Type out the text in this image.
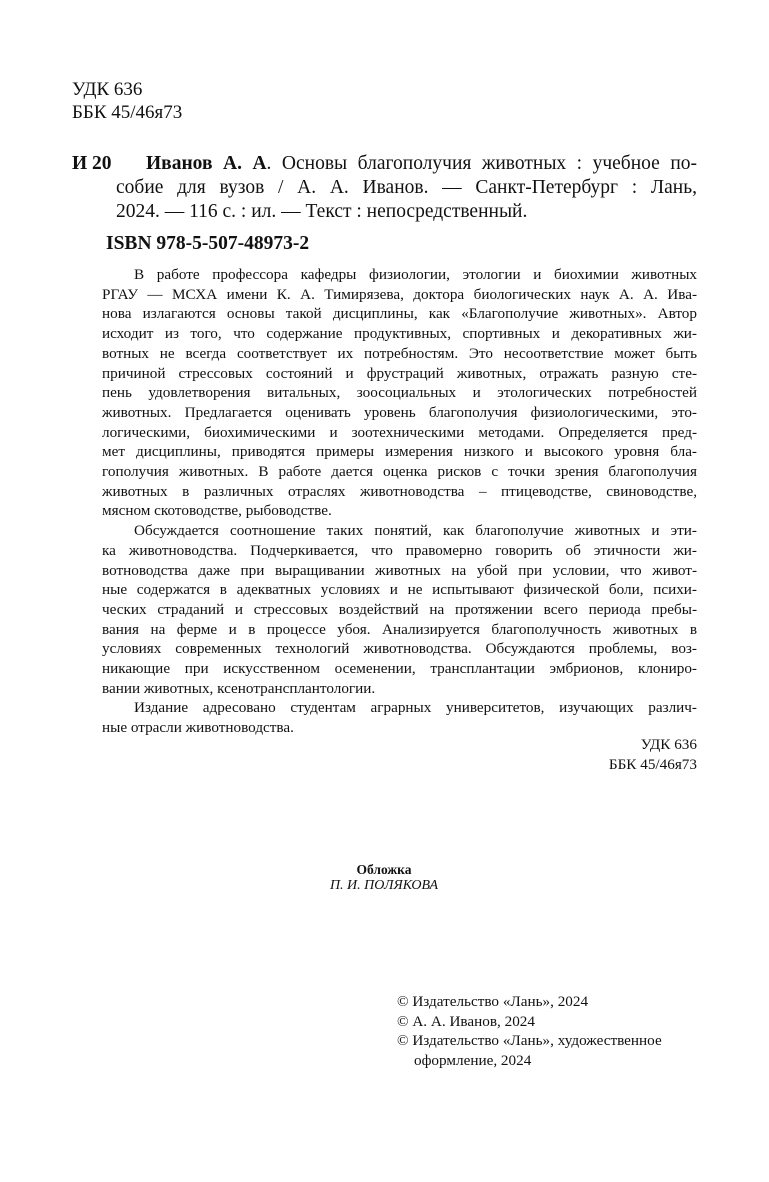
УДК 636
ББК 45/46я73
И 20 Иванов А. А. Основы благополучия животных : учебное по-
собие для вузов / А. А. Иванов. — Санкт-Петербург : Лань,
2024. — 116 с. : ил. — Текст : непосредственный.
ISBN 978-5-507-48973-2
В работе профессора кафедры физиологии, этологии и биохимии животных
РГАУ — МСХА имени К. А. Тимирязева, доктора биологических наук А. А. Ива-
нова излагаются основы такой дисциплины, как «Благополучие животных». Автор
исходит из того, что содержание продуктивных, спортивных и декоративных жи-
вотных не всегда соответствует их потребностям. Это несоответствие может быть
причиной стрессовых состояний и фрустраций животных, отражать разную сте-
пень удовлетворения витальных, зоосоциальных и этологических потребностей
животных. Предлагается оценивать уровень благополучия физиологическими, это-
логическими, биохимическими и зоотехническими методами. Определяется пред-
мет дисциплины, приводятся примеры измерения низкого и высокого уровня бла-
гополучия животных. В работе дается оценка рисков с точки зрения благополучия
животных в различных отраслях животноводства – птицеводстве, свиноводстве,
мясном скотоводстве, рыбоводстве.
Обсуждается соотношение таких понятий, как благополучие животных и эти-
ка животноводства. Подчеркивается, что правомерно говорить об этичности жи-
вотноводства даже при выращивании животных на убой при условии, что живот-
ные содержатся в адекватных условиях и не испытывают физической боли, психи-
ческих страданий и стрессовых воздействий на протяжении всего периода пребы-
вания на ферме и в процессе убоя. Анализируется благополучность животных в
условиях современных технологий животноводства. Обсуждаются проблемы, воз-
никающие при искусственном осеменении, трансплантации эмбрионов, клониро-
вании животных, ксенотрансплантологии.
Издание адресовано студентам аграрных университетов, изучающих различ-
ные отрасли животноводства.
УДК 636
ББК 45/46я73
Обложка
П. И. ПОЛЯКОВА
© Издательство «Лань», 2024
© А. А. Иванов, 2024
© Издательство «Лань», художественное
оформление, 2024
